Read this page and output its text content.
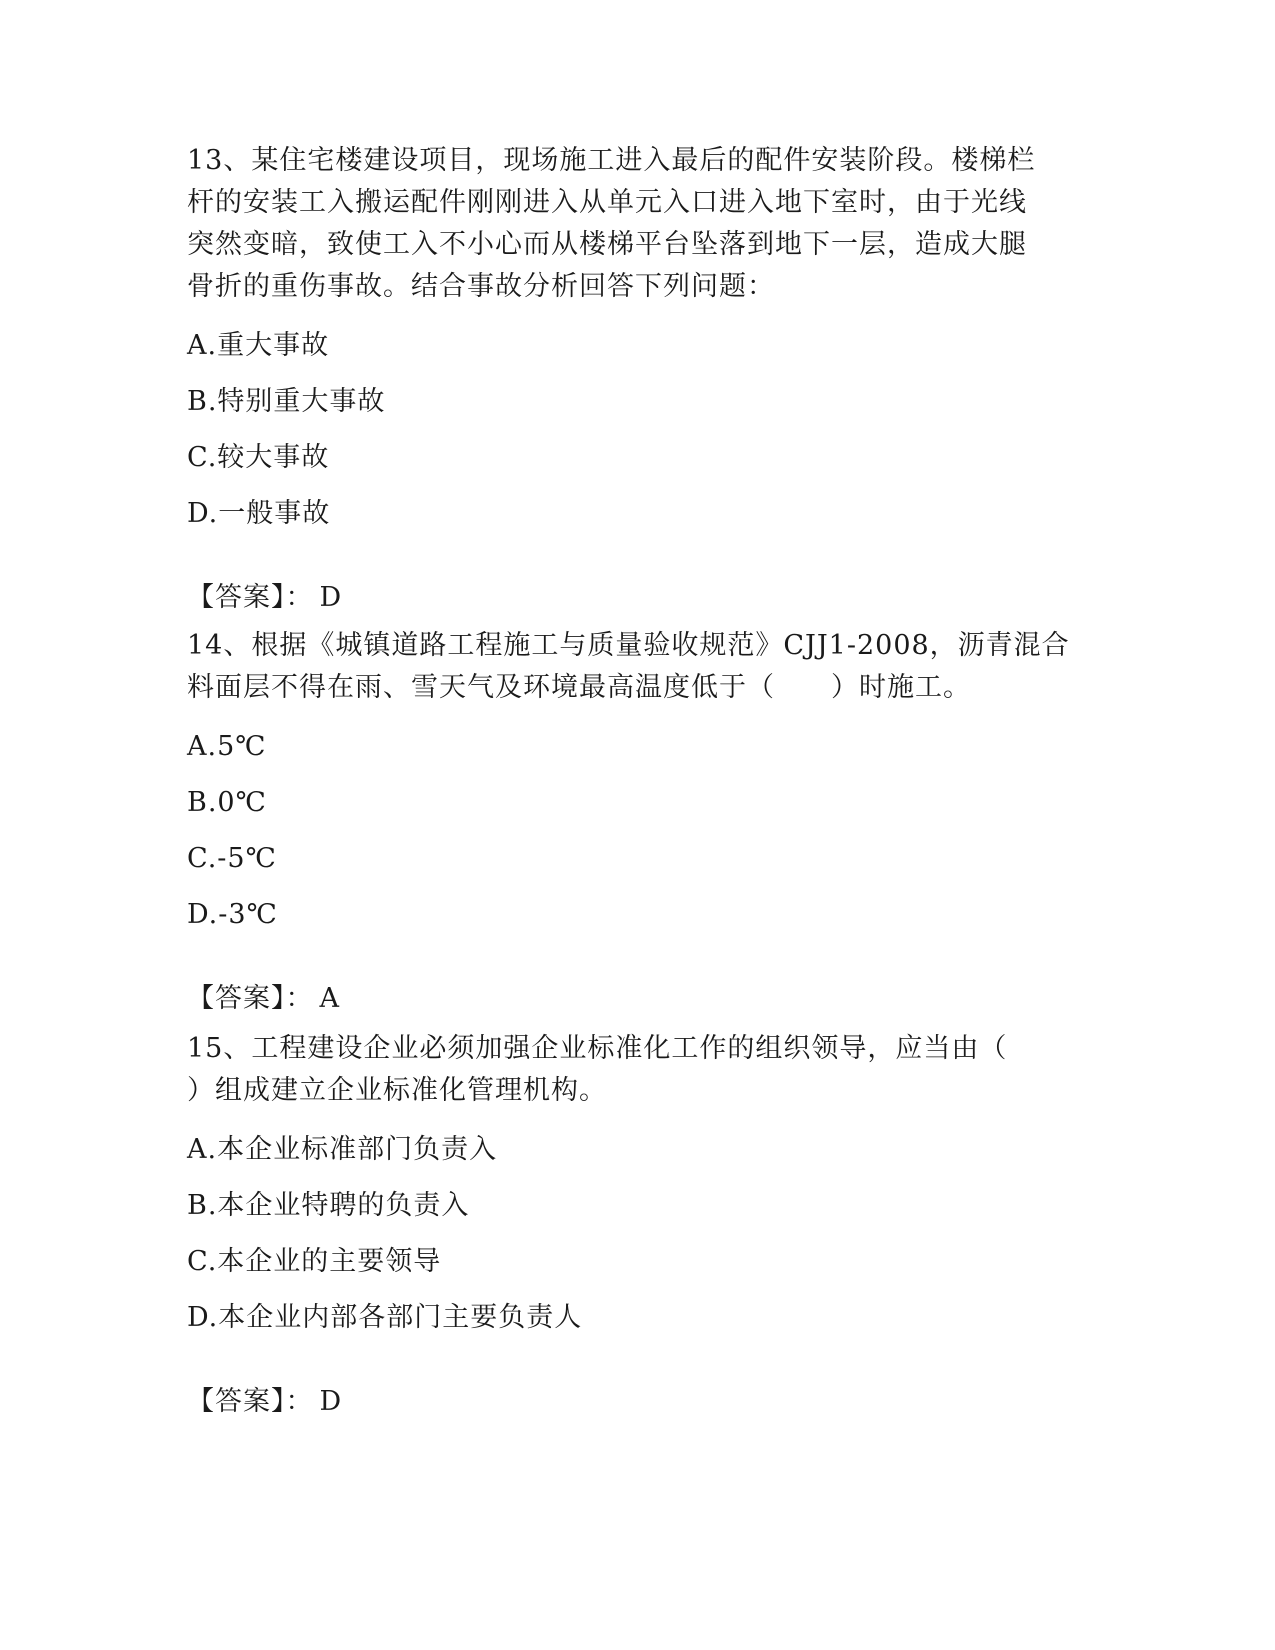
13、某住宅楼建设项目，现场施工进入最后的配件安装阶段。楼梯栏
杆的安装工入搬运配件刚刚进入从单元入口进入地下室时，由于光线
突然变暗，致使工入不小心而从楼梯平台坠落到地下一层，造成大腿
骨折的重伤事故。结合事故分析回答下列问题：

A.重大事故

B.特别重大事故

C.较大事故

D.一般事故

【答案】： D

14、根据《城镇道路工程施工与质量验收规范》CJJ1-2008，沥青混合
料面层不得在雨、雪天气及环境最高温度低于（　　）时施工。

A.5℃

B.0℃

C.-5℃

D.-3℃

【答案】： A

15、工程建设企业必须加强企业标准化工作的组织领导，应当由（
）组成建立企业标准化管理机构。

A.本企业标准部门负责入

B.本企业特聘的负责入

C.本企业的主要领导

D.本企业内部各部门主要负责人

【答案】： D
